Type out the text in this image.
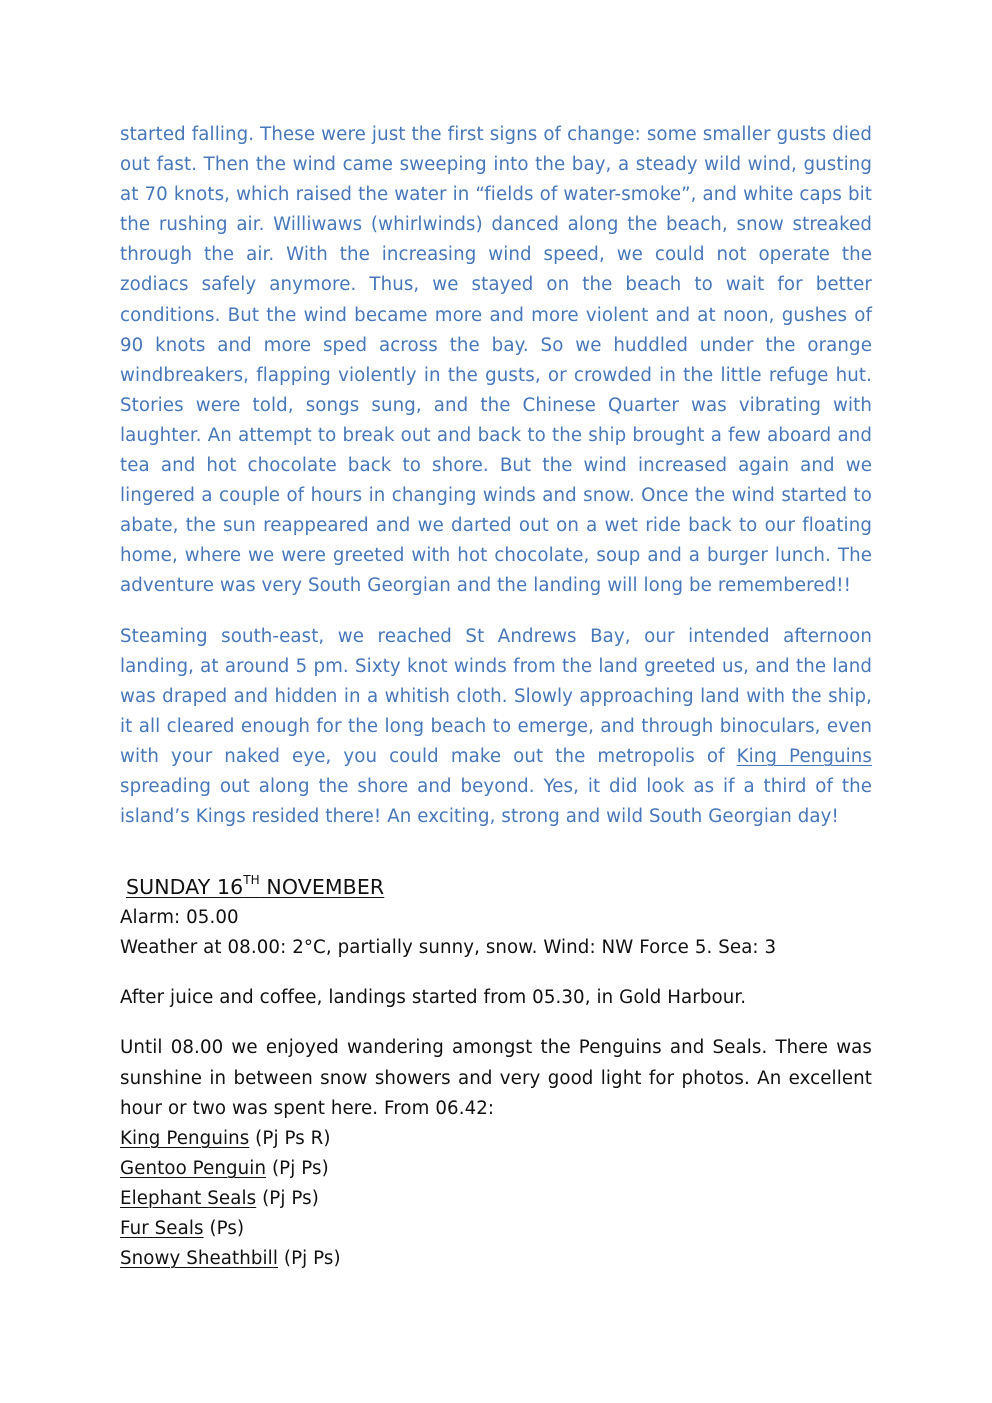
started falling. These were just the first signs of change: some smaller gusts died out fast. Then the wind came sweeping into the bay, a steady wild wind, gusting at 70 knots, which raised the water in “fields of water-smoke”, and white caps bit the rushing air. Williwaws (whirlwinds) danced along the beach, snow streaked through the air. With the increasing wind speed, we could not operate the zodiacs safely anymore. Thus, we stayed on the beach to wait for better conditions. But the wind became more and more violent and at noon, gushes of 90 knots and more sped across the bay. So we huddled under the orange windbreakers, flapping violently in the gusts, or crowded in the little refuge hut. Stories were told, songs sung, and the Chinese Quarter was vibrating with laughter. An attempt to break out and back to the ship brought a few aboard and tea and hot chocolate back to shore. But the wind increased again and we lingered a couple of hours in changing winds and snow. Once the wind started to abate, the sun reappeared and we darted out on a wet ride back to our floating home, where we were greeted with hot chocolate, soup and a burger lunch. The adventure was very South Georgian and the landing will long be remembered!!

Steaming south-east, we reached St Andrews Bay, our intended afternoon landing, at around 5 pm. Sixty knot winds from the land greeted us, and the land was draped and hidden in a whitish cloth. Slowly approaching land with the ship, it all cleared enough for the long beach to emerge, and through binoculars, even with your naked eye, you could make out the metropolis of King Penguins spreading out along the shore and beyond. Yes, it did look as if a third of the island’s Kings resided there! An exciting, strong and wild South Georgian day!

SUNDAY 16TH NOVEMBER

Alarm: 05.00

Weather at 08.00: 2°C, partially sunny, snow. Wind: NW Force 5. Sea: 3

After juice and coffee, landings started from 05.30, in Gold Harbour.

Until 08.00 we enjoyed wandering amongst the Penguins and Seals. There was sunshine in between snow showers and very good light for photos. An excellent hour or two was spent here. From 06.42:

King Penguins (Pj Ps R)

Gentoo Penguin (Pj Ps)

Elephant Seals (Pj Ps)

Fur Seals (Ps)

Snowy Sheathbill (Pj Ps)
